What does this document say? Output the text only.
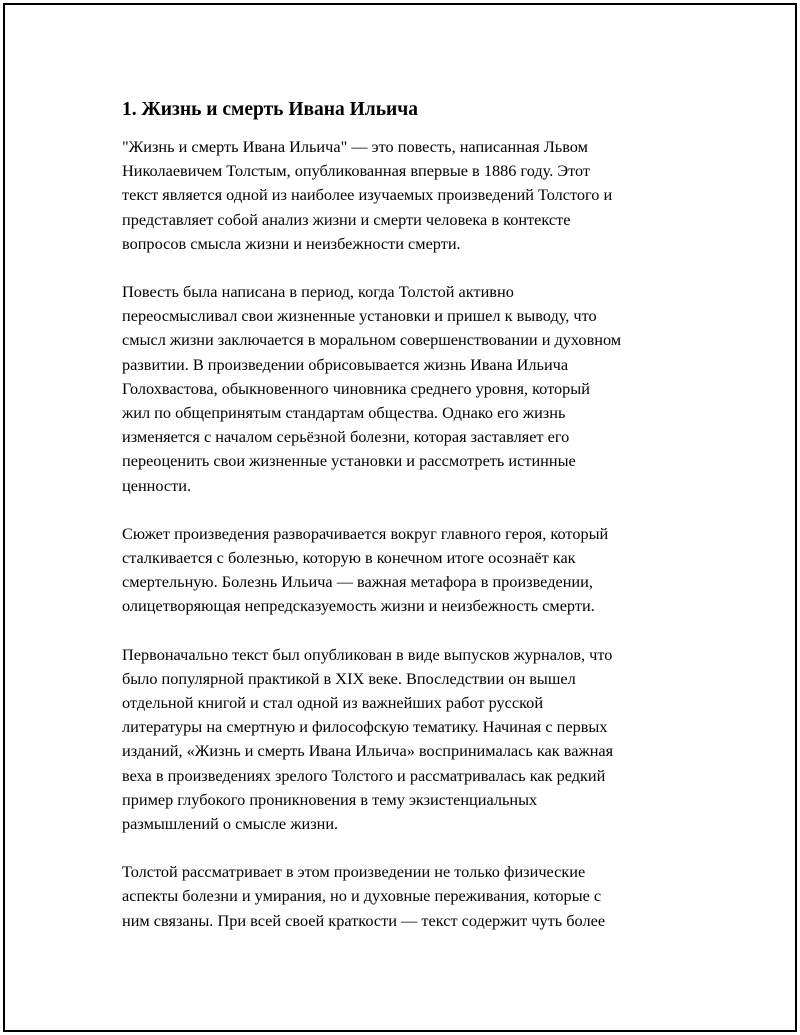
1. Жизнь и смерть Ивана Ильича

"Жизнь и смерть Ивана Ильича" — это повесть, написанная Львом
Николаевичем Толстым, опубликованная впервые в 1886 году. Этот
текст является одной из наиболее изучаемых произведений Толстого и
представляет собой анализ жизни и смерти человека в контексте
вопросов смысла жизни и неизбежности смерти.

Повесть была написана в период, когда Толстой активно
переосмысливал свои жизненные установки и пришел к выводу, что
смысл жизни заключается в моральном совершенствовании и духовном
развитии. В произведении обрисовывается жизнь Ивана Ильича
Голохвастова, обыкновенного чиновника среднего уровня, который
жил по общепринятым стандартам общества. Однако его жизнь
изменяется с началом серьёзной болезни, которая заставляет его
переоценить свои жизненные установки и рассмотреть истинные
ценности.

Сюжет произведения разворачивается вокруг главного героя, который
сталкивается с болезнью, которую в конечном итоге осознаёт как
смертельную. Болезнь Ильича — важная метафора в произведении,
олицетворяющая непредсказуемость жизни и неизбежность смерти.

Первоначально текст был опубликован в виде выпусков журналов, что
было популярной практикой в XIX веке. Впоследствии он вышел
отдельной книгой и стал одной из важнейших работ русской
литературы на смертную и философскую тематику. Начиная с первых
изданий, «Жизнь и смерть Ивана Ильича» воспринималась как важная
веха в произведениях зрелого Толстого и рассматривалась как редкий
пример глубокого проникновения в тему экзистенциальных
размышлений о смысле жизни.

Толстой рассматривает в этом произведении не только физические
аспекты болезни и умирания, но и духовные переживания, которые с
ним связаны. При всей своей краткости — текст содержит чуть более
